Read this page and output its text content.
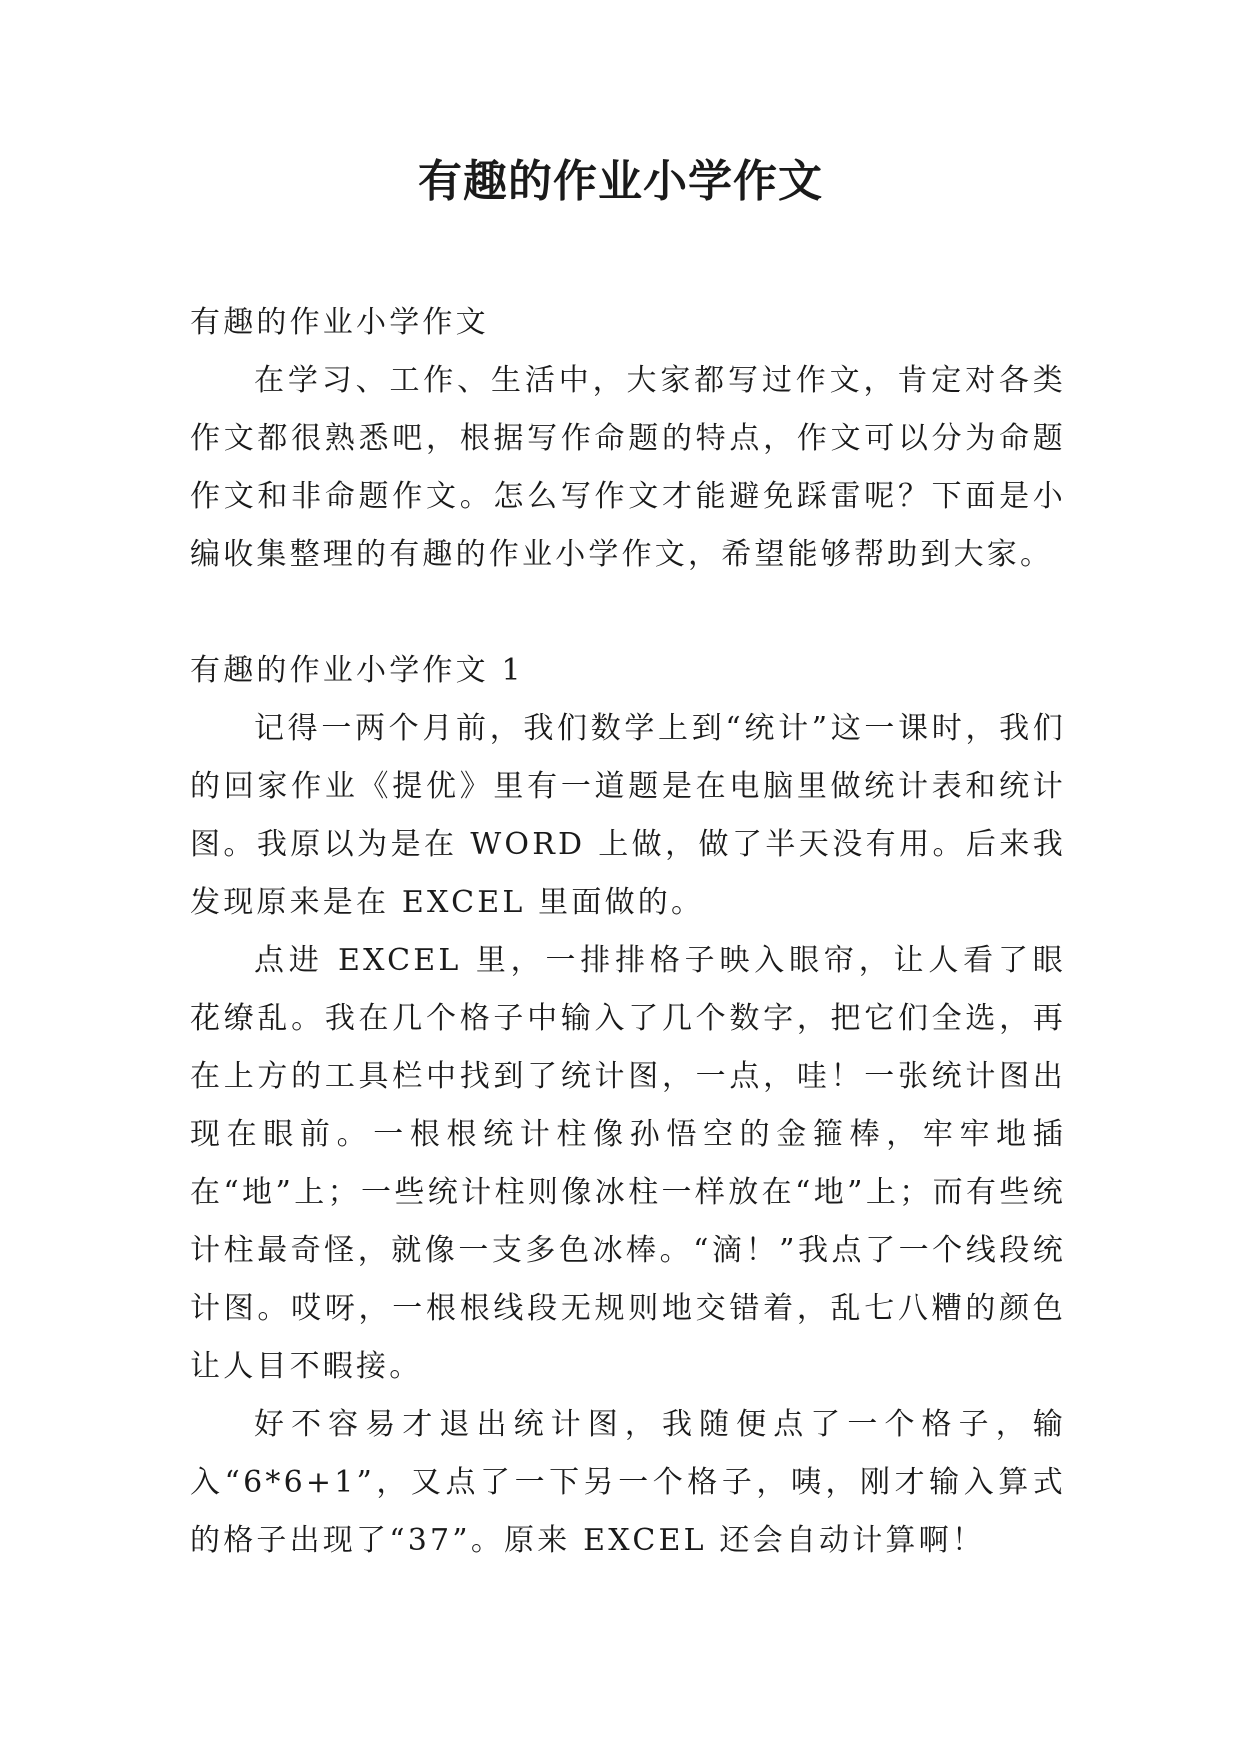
有趣的作业小学作文

有趣的作业小学作文

在学习、工作、生活中，大家都写过作文，肯定对各类作文都很熟悉吧，根据写作命题的特点，作文可以分为命题作文和非命题作文。怎么写作文才能避免踩雷呢？下面是小编收集整理的有趣的作业小学作文，希望能够帮助到大家。

有趣的作业小学作文 1

记得一两个月前，我们数学上到“统计”这一课时，我们的回家作业《提优》里有一道题是在电脑里做统计表和统计图。我原以为是在 WORD 上做，做了半天没有用。后来我发现原来是在 EXCEL 里面做的。

点进 EXCEL 里，一排排格子映入眼帘，让人看了眼花缭乱。我在几个格子中输入了几个数字，把它们全选，再在上方的工具栏中找到了统计图，一点，哇！一张统计图出现在眼前。一根根统计柱像孙悟空的金箍棒，牢牢地插在“地”上；一些统计柱则像冰柱一样放在“地”上；而有些统计柱最奇怪，就像一支多色冰棒。“滴！”我点了一个线段统计图。哎呀，一根根线段无规则地交错着，乱七八糟的颜色让人目不暇接。

好不容易才退出统计图，我随便点了一个格子，输入“6*6+1”，又点了一下另一个格子，咦，刚才输入算式的格子出现了“37”。原来 EXCEL 还会自动计算啊！
